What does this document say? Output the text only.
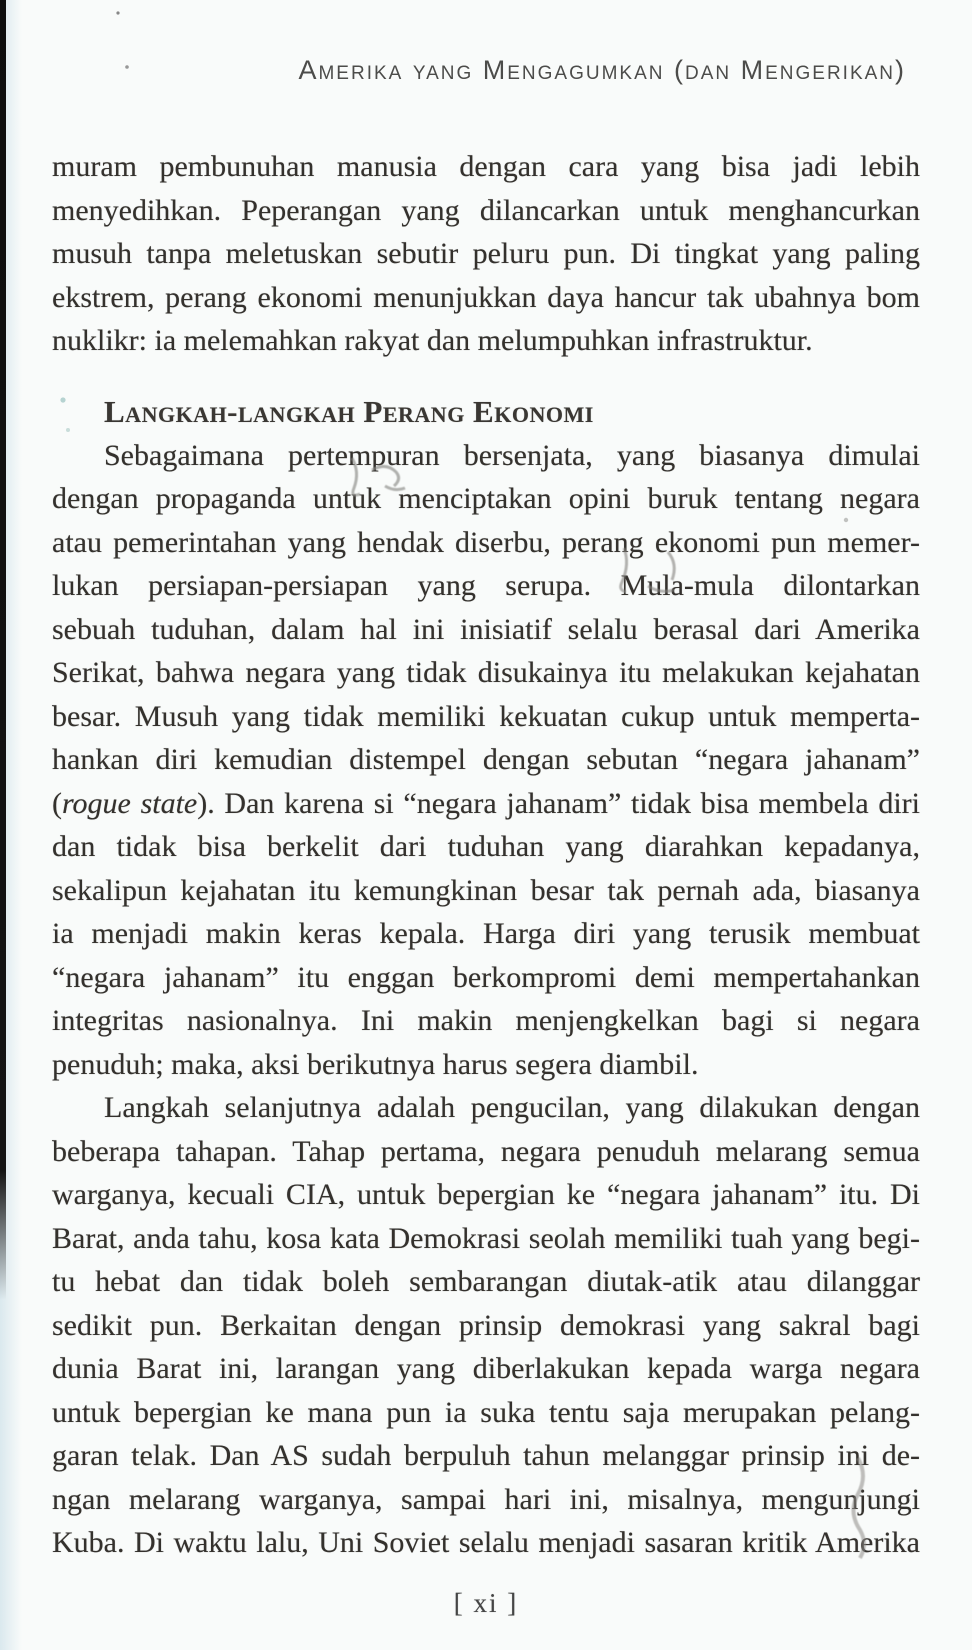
Amerika yang Mengagumkan (dan Mengerikan)
muram pembunuhan manusia dengan cara yang bisa jadi lebih
menyedihkan. Peperangan yang dilancarkan untuk menghancurkan
musuh tanpa meletuskan sebutir peluru pun. Di tingkat yang paling
ekstrem, perang ekonomi menunjukkan daya hancur tak ubahnya bom
nuklikr: ia melemahkan rakyat dan melumpuhkan infrastruktur.
Langkah-langkah Perang Ekonomi
Sebagaimana pertempuran bersenjata, yang biasanya dimulai
dengan propaganda untuk menciptakan opini buruk tentang negara
atau pemerintahan yang hendak diserbu, perang ekonomi pun memer-
lukan persiapan-persiapan yang serupa. Mula-mula dilontarkan
sebuah tuduhan, dalam hal ini inisiatif selalu berasal dari Amerika
Serikat, bahwa negara yang tidak disukainya itu melakukan kejahatan
besar. Musuh yang tidak memiliki kekuatan cukup untuk memperta-
hankan diri kemudian distempel dengan sebutan “negara jahanam”
(rogue state). Dan karena si “negara jahanam” tidak bisa membela diri
dan tidak bisa berkelit dari tuduhan yang diarahkan kepadanya,
sekalipun kejahatan itu kemungkinan besar tak pernah ada, biasanya
ia menjadi makin keras kepala. Harga diri yang terusik membuat
“negara jahanam” itu enggan berkompromi demi mempertahankan
integritas nasionalnya. Ini makin menjengkelkan bagi si negara
penuduh; maka, aksi berikutnya harus segera diambil.
Langkah selanjutnya adalah pengucilan, yang dilakukan dengan
beberapa tahapan. Tahap pertama, negara penuduh melarang semua
warganya, kecuali CIA, untuk bepergian ke “negara jahanam” itu. Di
Barat, anda tahu, kosa kata Demokrasi seolah memiliki tuah yang begi-
tu hebat dan tidak boleh sembarangan diutak-atik atau dilanggar
sedikit pun. Berkaitan dengan prinsip demokrasi yang sakral bagi
dunia Barat ini, larangan yang diberlakukan kepada warga negara
untuk bepergian ke mana pun ia suka tentu saja merupakan pelang-
garan telak. Dan AS sudah berpuluh tahun melanggar prinsip ini de-
ngan melarang warganya, sampai hari ini, misalnya, mengunjungi
Kuba. Di waktu lalu, Uni Soviet selalu menjadi sasaran kritik Amerika
[ xi ]
